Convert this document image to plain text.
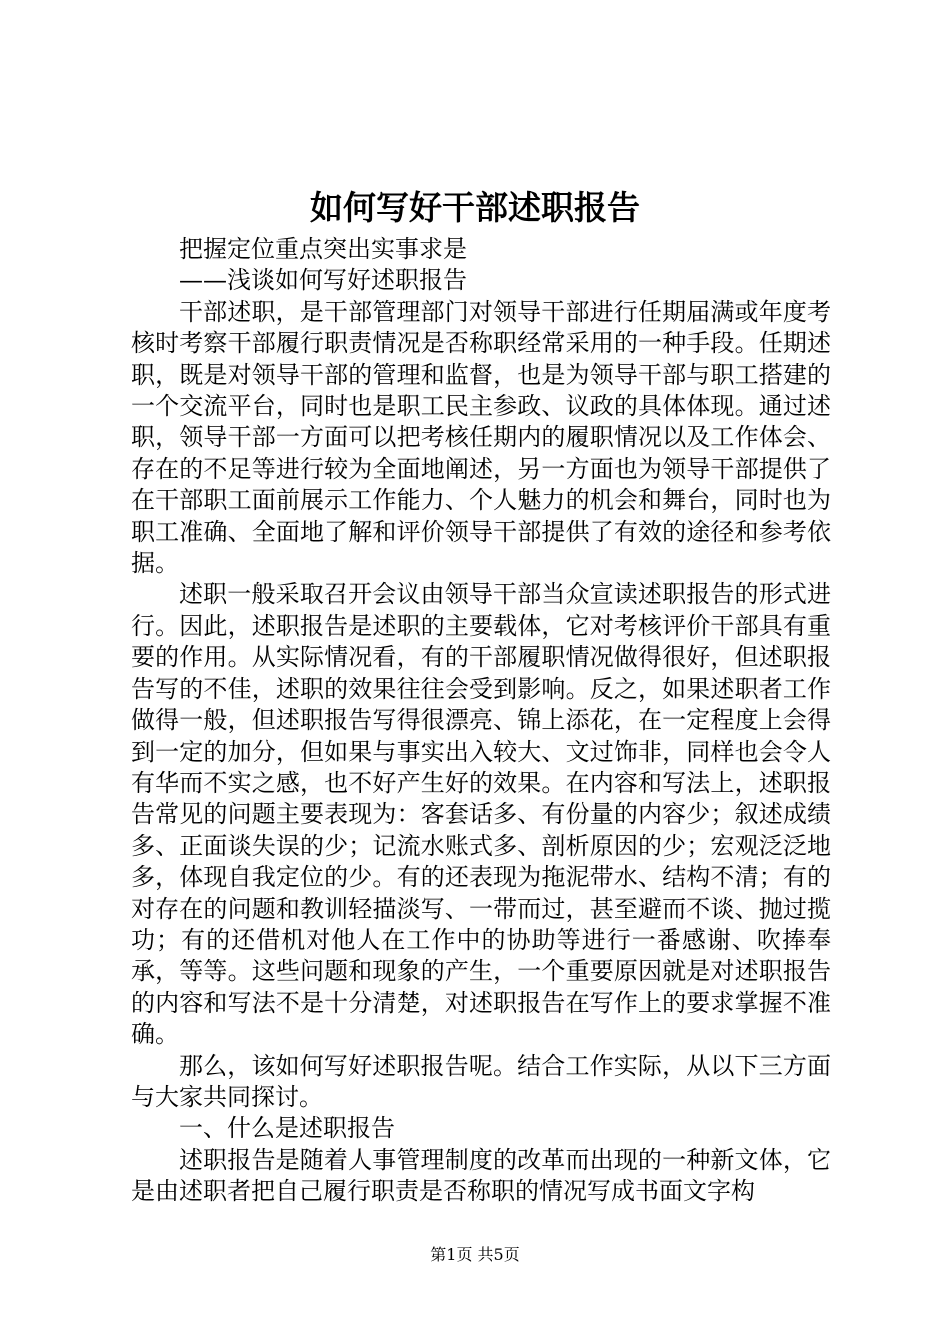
如何写好干部述职报告

把握定位重点突出实事求是

——浅谈如何写好述职报告

干部述职，是干部管理部门对领导干部进行任期届满或年度考核时考察干部履行职责情况是否称职经常采用的一种手段。任期述职，既是对领导干部的管理和监督，也是为领导干部与职工搭建的一个交流平台，同时也是职工民主参政、议政的具体体现。通过述职，领导干部一方面可以把考核任期内的履职情况以及工作体会、存在的不足等进行较为全面地阐述，另一方面也为领导干部提供了在干部职工面前展示工作能力、个人魅力的机会和舞台，同时也为职工准确、全面地了解和评价领导干部提供了有效的途径和参考依据。

述职一般采取召开会议由领导干部当众宣读述职报告的形式进行。因此，述职报告是述职的主要载体，它对考核评价干部具有重要的作用。从实际情况看，有的干部履职情况做得很好，但述职报告写的不佳，述职的效果往往会受到影响。反之，如果述职者工作做得一般，但述职报告写得很漂亮、锦上添花，在一定程度上会得到一定的加分，但如果与事实出入较大、文过饰非，同样也会令人有华而不实之感，也不好产生好的效果。在内容和写法上，述职报告常见的问题主要表现为：客套话多、有份量的内容少；叙述成绩多、正面谈失误的少；记流水账式多、剖析原因的少；宏观泛泛地多，体现自我定位的少。有的还表现为拖泥带水、结构不清；有的对存在的问题和教训轻描淡写、一带而过，甚至避而不谈、抛过揽功；有的还借机对他人在工作中的协助等进行一番感谢、吹捧奉承，等等。这些问题和现象的产生，一个重要原因就是对述职报告的内容和写法不是十分清楚，对述职报告在写作上的要求掌握不准确。

那么，该如何写好述职报告呢。结合工作实际，从以下三方面与大家共同探讨。

一、什么是述职报告

述职报告是随着人事管理制度的改革而出现的一种新文体，它是由述职者把自己履行职责是否称职的情况写成书面文字构

第1页 共5页
